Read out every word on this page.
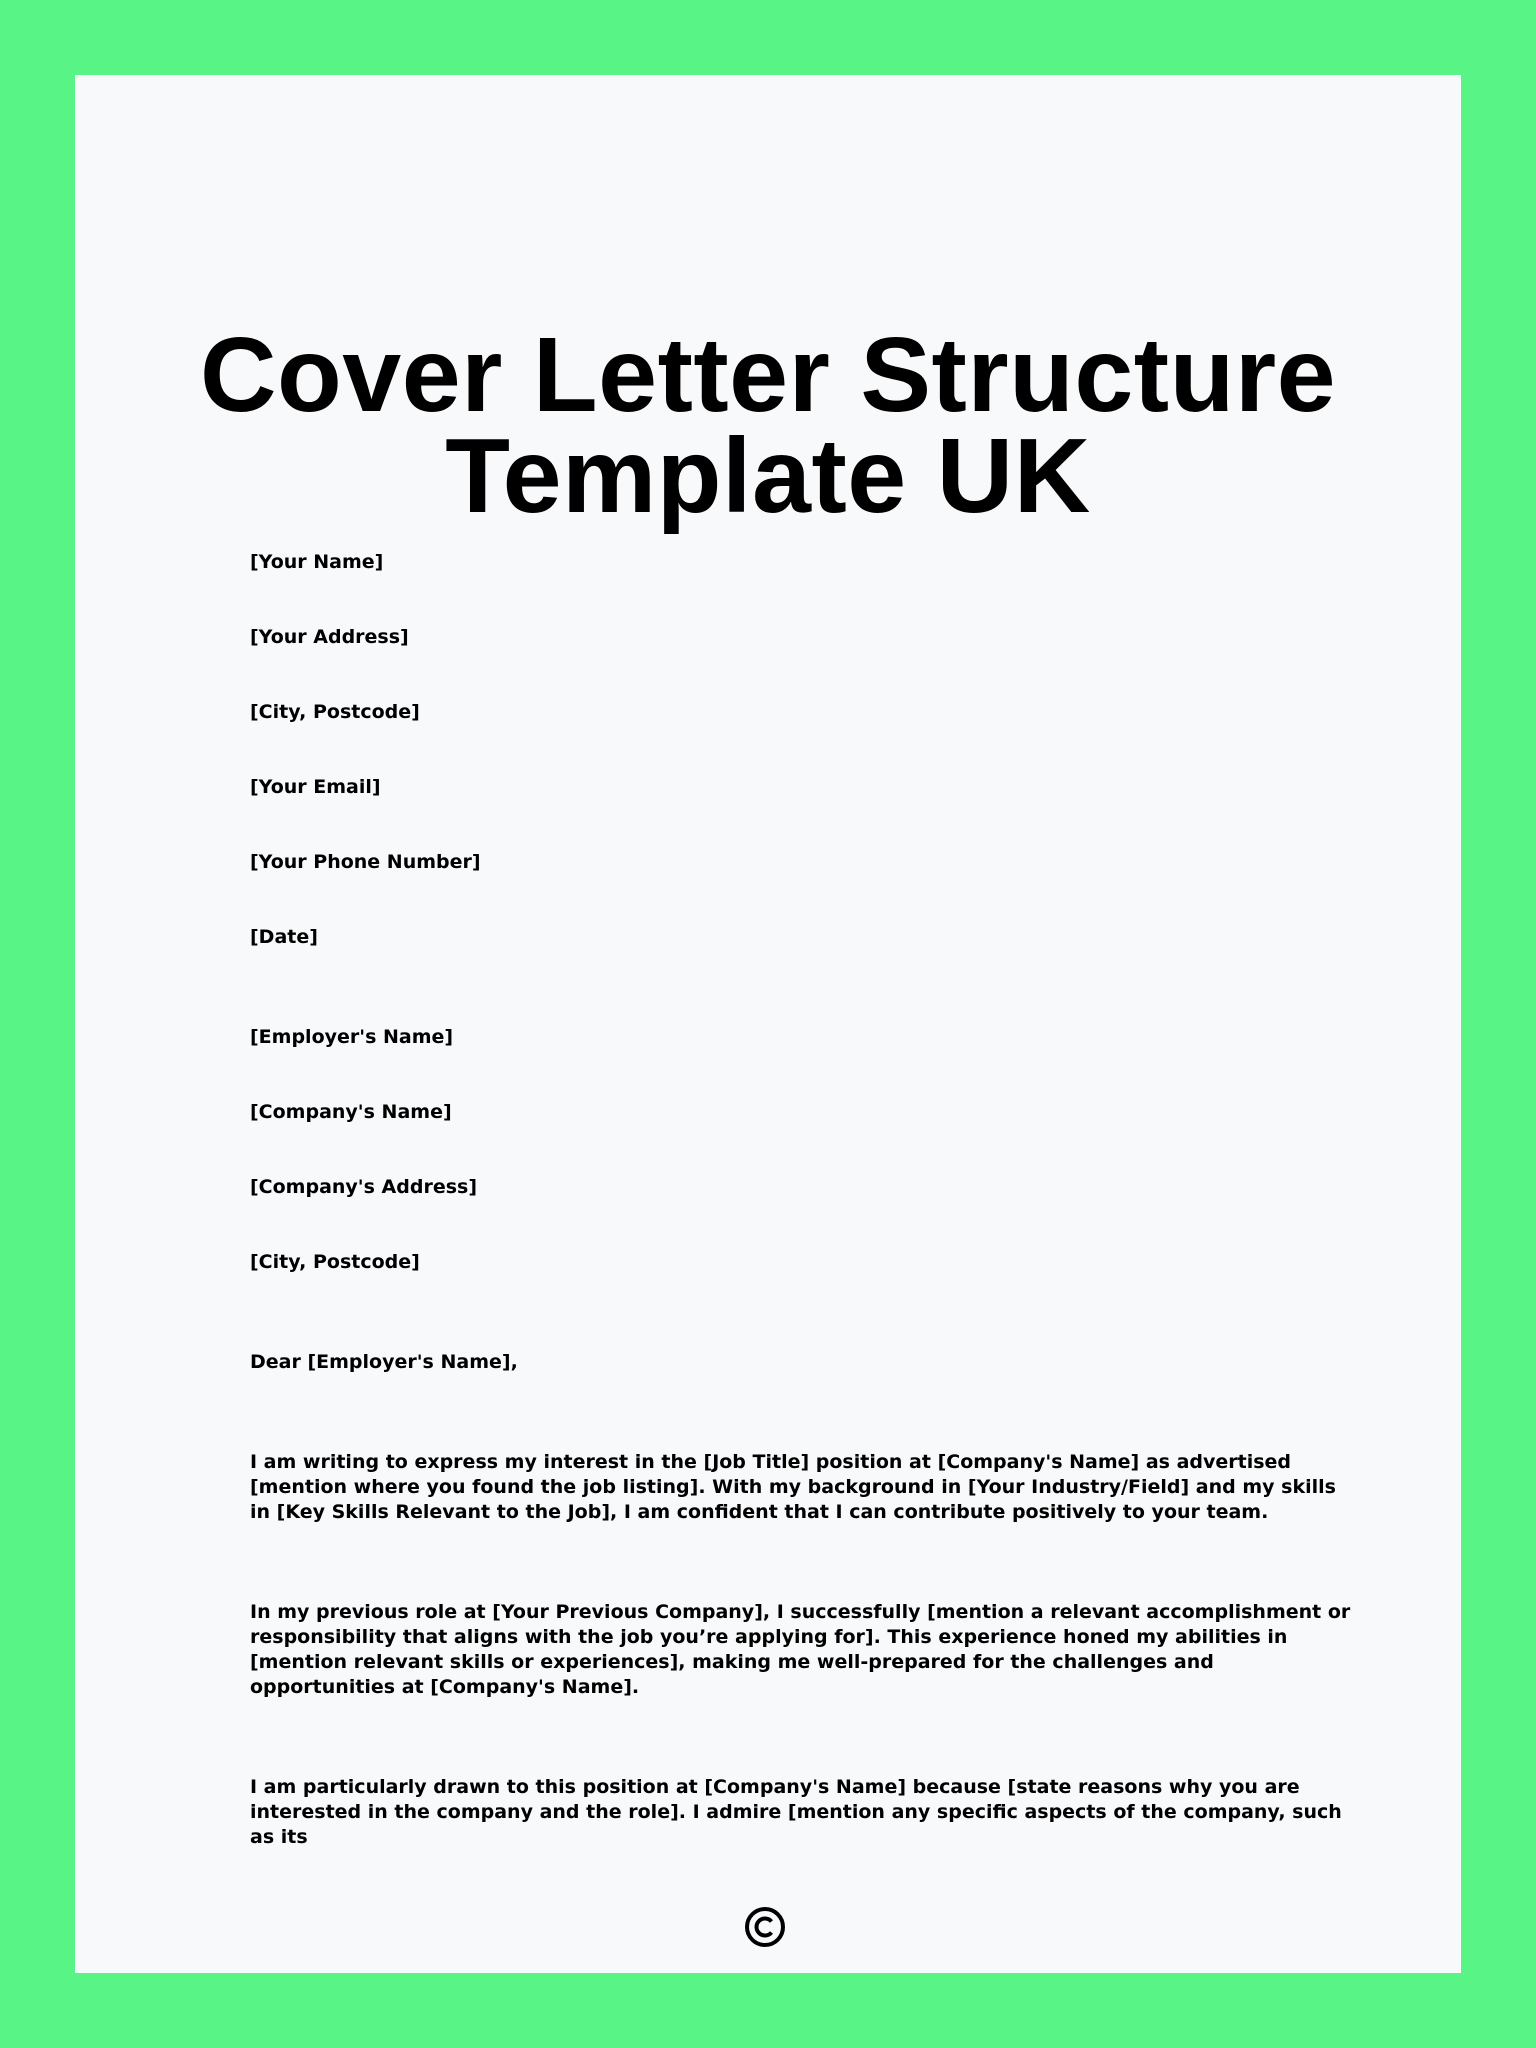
Cover Letter Structure
Template UK

[Your Name]

[Your Address]

[City, Postcode]

[Your Email]

[Your Phone Number]

[Date]

[Employer's Name]

[Company's Name]

[Company's Address]

[City, Postcode]

Dear [Employer's Name],

I am writing to express my interest in the [Job Title] position at [Company's Name] as advertised [mention where you found the job listing]. With my background in [Your Industry/Field] and my skills in [Key Skills Relevant to the Job], I am confident that I can contribute positively to your team.

In my previous role at [Your Previous Company], I successfully [mention a relevant accomplishment or responsibility that aligns with the job you’re applying for]. This experience honed my abilities in [mention relevant skills or experiences], making me well-prepared for the challenges and opportunities at [Company's Name].

I am particularly drawn to this position at [Company's Name] because [state reasons why you are interested in the company and the role]. I admire [mention any specific aspects of the company, such as its
